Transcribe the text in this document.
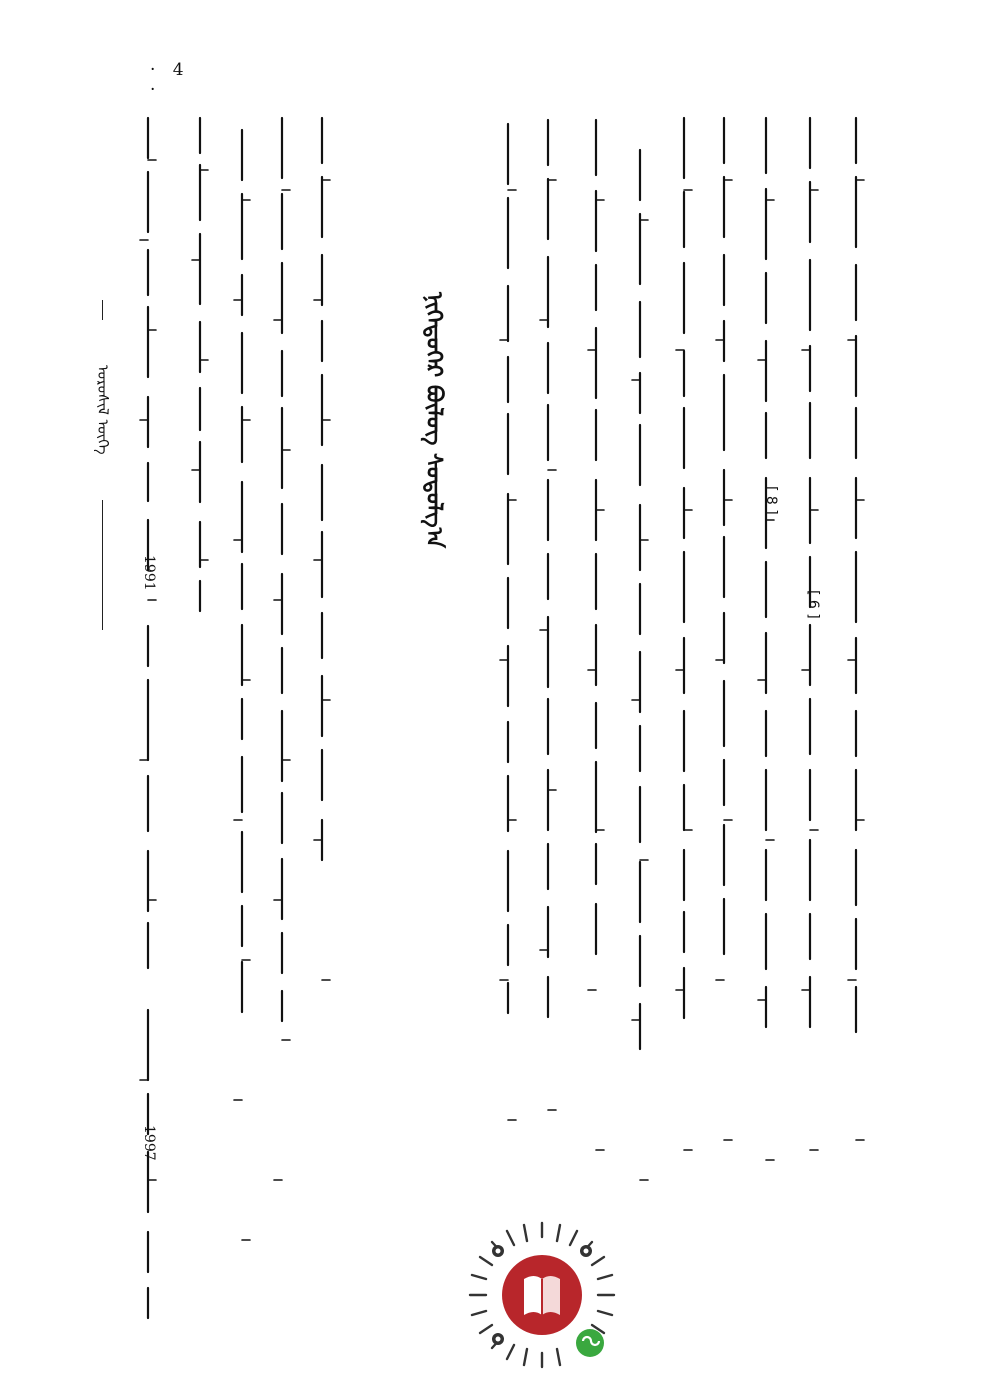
· 4 ·
ᠣᠷᠣᠰᠢᠯ ᠦᠭᠡ
[ 6 ]
[ 8 ]
1991
1997
ᠨᠢᠭᠡᠳᠦᠭᠡᠷ ᠪᠦᠯᠦᠭ ᠰᠤᠳᠤᠯᠭ᠎ᠠ
